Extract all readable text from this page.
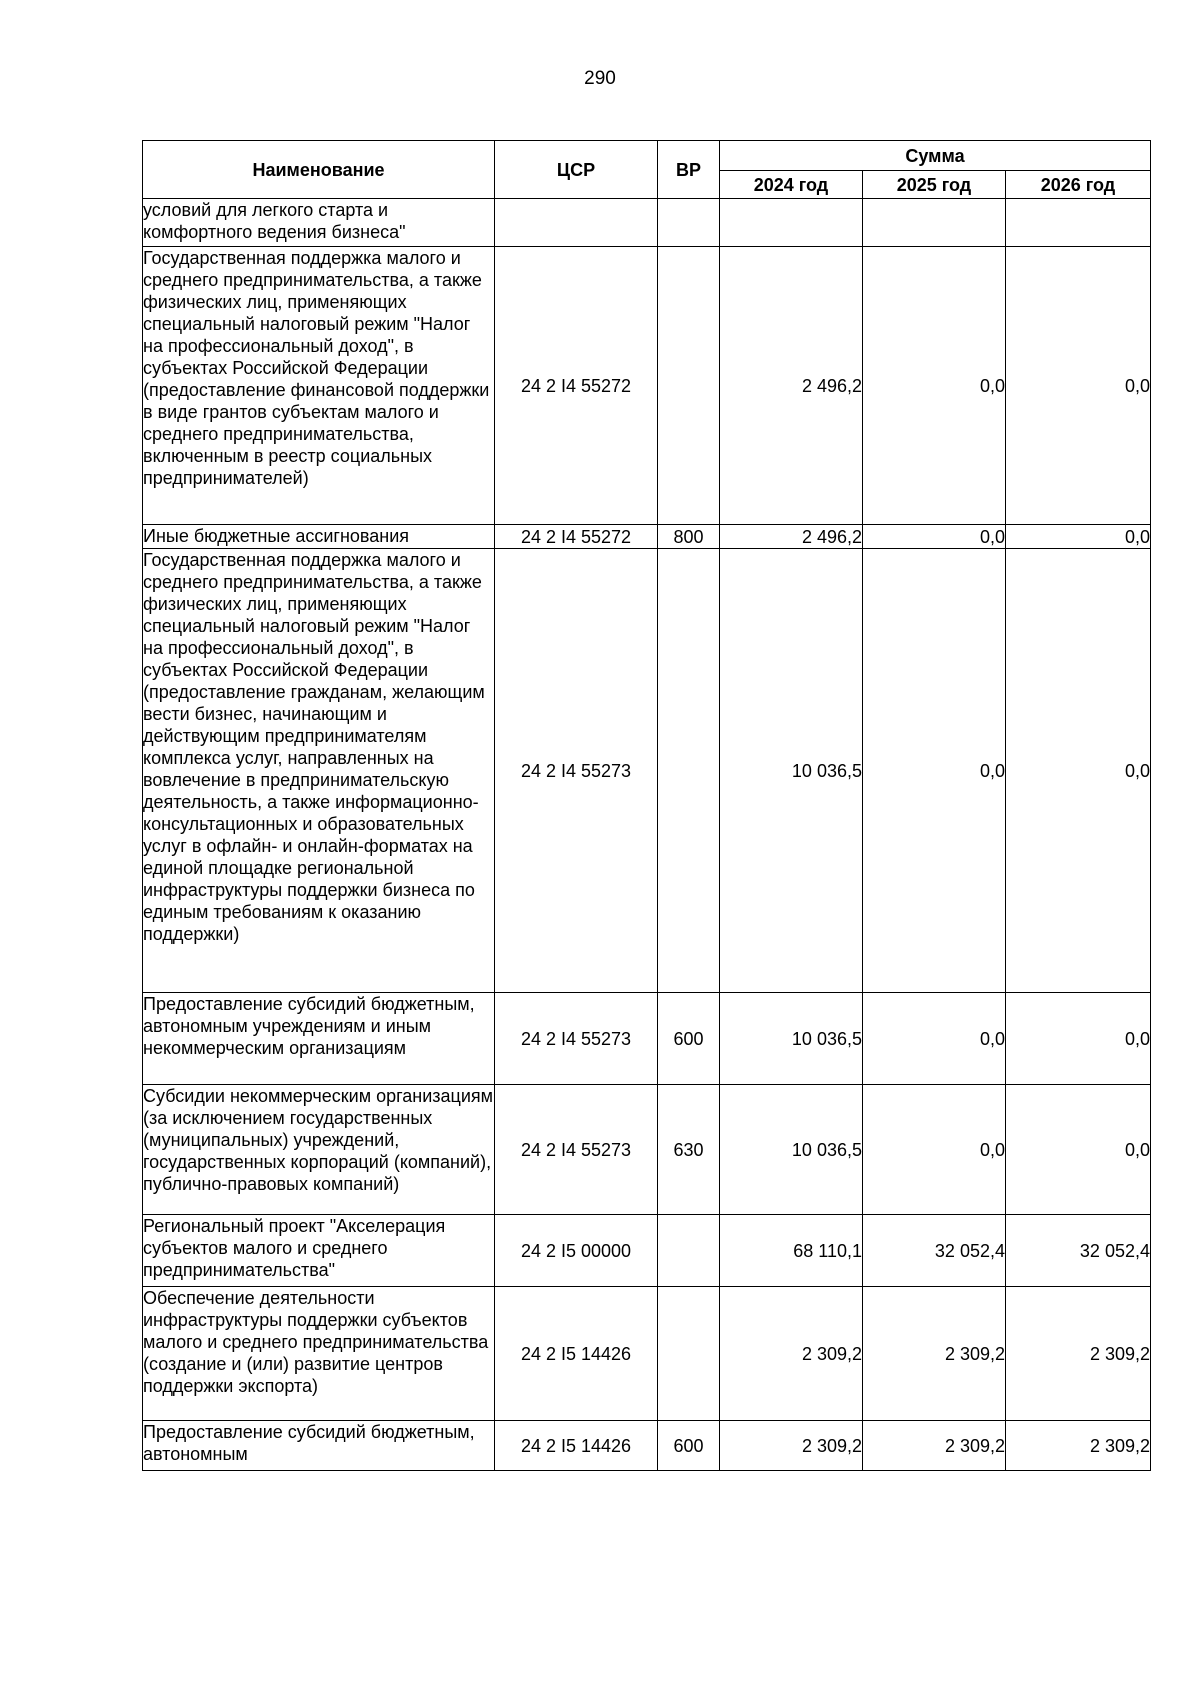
290
Наименование	ЦСР	ВР	Сумма		
			2024 год	2025 год	2026 год
условий для легкого старта и комфортного ведения бизнеса"					
Государственная поддержка малого и среднего предпринимательства, а также физических лиц, применяющих специальный налоговый режим "Налог на профессиональный доход", в субъектах Российской Федерации (предоставление финансовой поддержки в виде грантов субъектам малого и среднего предпринимательства, включенным в реестр социальных предпринимателей)	24 2 I4 55272		2 496,2	0,0	0,0
Иные бюджетные ассигнования	24 2 I4 55272	800	2 496,2	0,0	0,0
Государственная поддержка малого и среднего предпринимательства, а также физических лиц, применяющих специальный налоговый режим "Налог на профессиональный доход", в субъектах Российской Федерации (предоставление гражданам, желающим вести бизнес, начинающим и действующим предпринимателям комплекса услуг, направленных на вовлечение в предпринимательскую деятельность, а также информационно-консультационных и образовательных услуг в офлайн- и онлайн-форматах на единой площадке региональной инфраструктуры поддержки бизнеса по единым требованиям к оказанию поддержки)	24 2 I4 55273		10 036,5	0,0	0,0
Предоставление субсидий бюджетным, автономным учреждениям и иным некоммерческим организациям	24 2 I4 55273	600	10 036,5	0,0	0,0
Субсидии некоммерческим организациям (за исключением государственных (муниципальных) учреждений, государственных корпораций (компаний), публично-правовых компаний)	24 2 I4 55273	630	10 036,5	0,0	0,0
Региональный проект "Акселерация субъектов малого и среднего предпринимательства"	24 2 I5 00000		68 110,1	32 052,4	32 052,4
Обеспечение деятельности инфраструктуры поддержки субъектов малого и среднего предпринимательства (создание и (или) развитие центров поддержки экспорта)	24 2 I5 14426		2 309,2	2 309,2	2 309,2
Предоставление субсидий бюджетным, автономным	24 2 I5 14426	600	2 309,2	2 309,2	2 309,2
